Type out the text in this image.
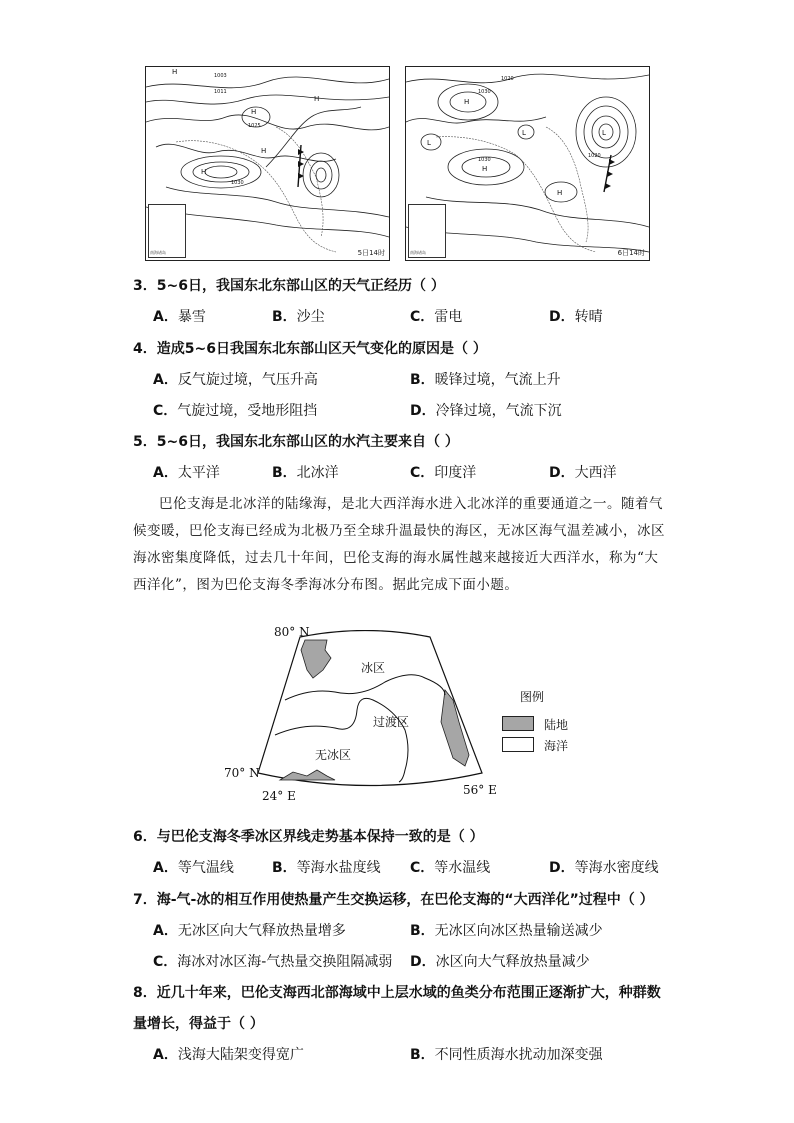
H
H
H
H
H
1003
1011
1025
1030
南海诸岛	5日14时
H
L
L
H
H
L
1020
1030
1030
1020
南海诸岛	6日14时
3．5~6日，我国东北东部山区的天气正经历（ ）
A．暴雪	B．沙尘	C．雷电	D．转晴
4．造成5~6日我国东北东部山区天气变化的原因是（ ）
A．反气旋过境，气压升高	B．暖锋过境，气流上升
C．气旋过境，受地形阻挡	D．冷锋过境，气流下沉
5．5~6日，我国东北东部山区的水汽主要来自（ ）
A．太平洋	B．北冰洋	C．印度洋	D．大西洋
巴伦支海是北冰洋的陆缘海，是北大西洋海水进入北冰洋的重要通道之一。随着气
候变暖，巴伦支海已经成为北极乃至全球升温最快的海区，无冰区海气温差减小，冰区
海冰密集度降低，过去几十年间，巴伦支海的海水属性越来越接近大西洋水，称为“大
西洋化”，图为巴伦支海冬季海冰分布图。据此完成下面小题。
80° N
70° N
24° E	56° E
冰区
过渡区
无冰区
图例
陆地
海洋
6．与巴伦支海冬季冰区界线走势基本保持一致的是（ ）
A．等气温线	B．等海水盐度线 C．等水温线	D．等海水密度线
7．海-气-冰的相互作用使热量产生交换运移，在巴伦支海的“大西洋化”过程中（ ）
A．无冰区向大气释放热量增多	B．无冰区向冰区热量输送减少
C．海冰对冰区海-气热量交换阻隔减弱 D．冰区向大气释放热量减少
8．近几十年来，巴伦支海西北部海域中上层水域的鱼类分布范围正逐渐扩大，种群数
量增长，得益于（ ）
A．浅海大陆架变得宽广	B．不同性质海水扰动加深变强
